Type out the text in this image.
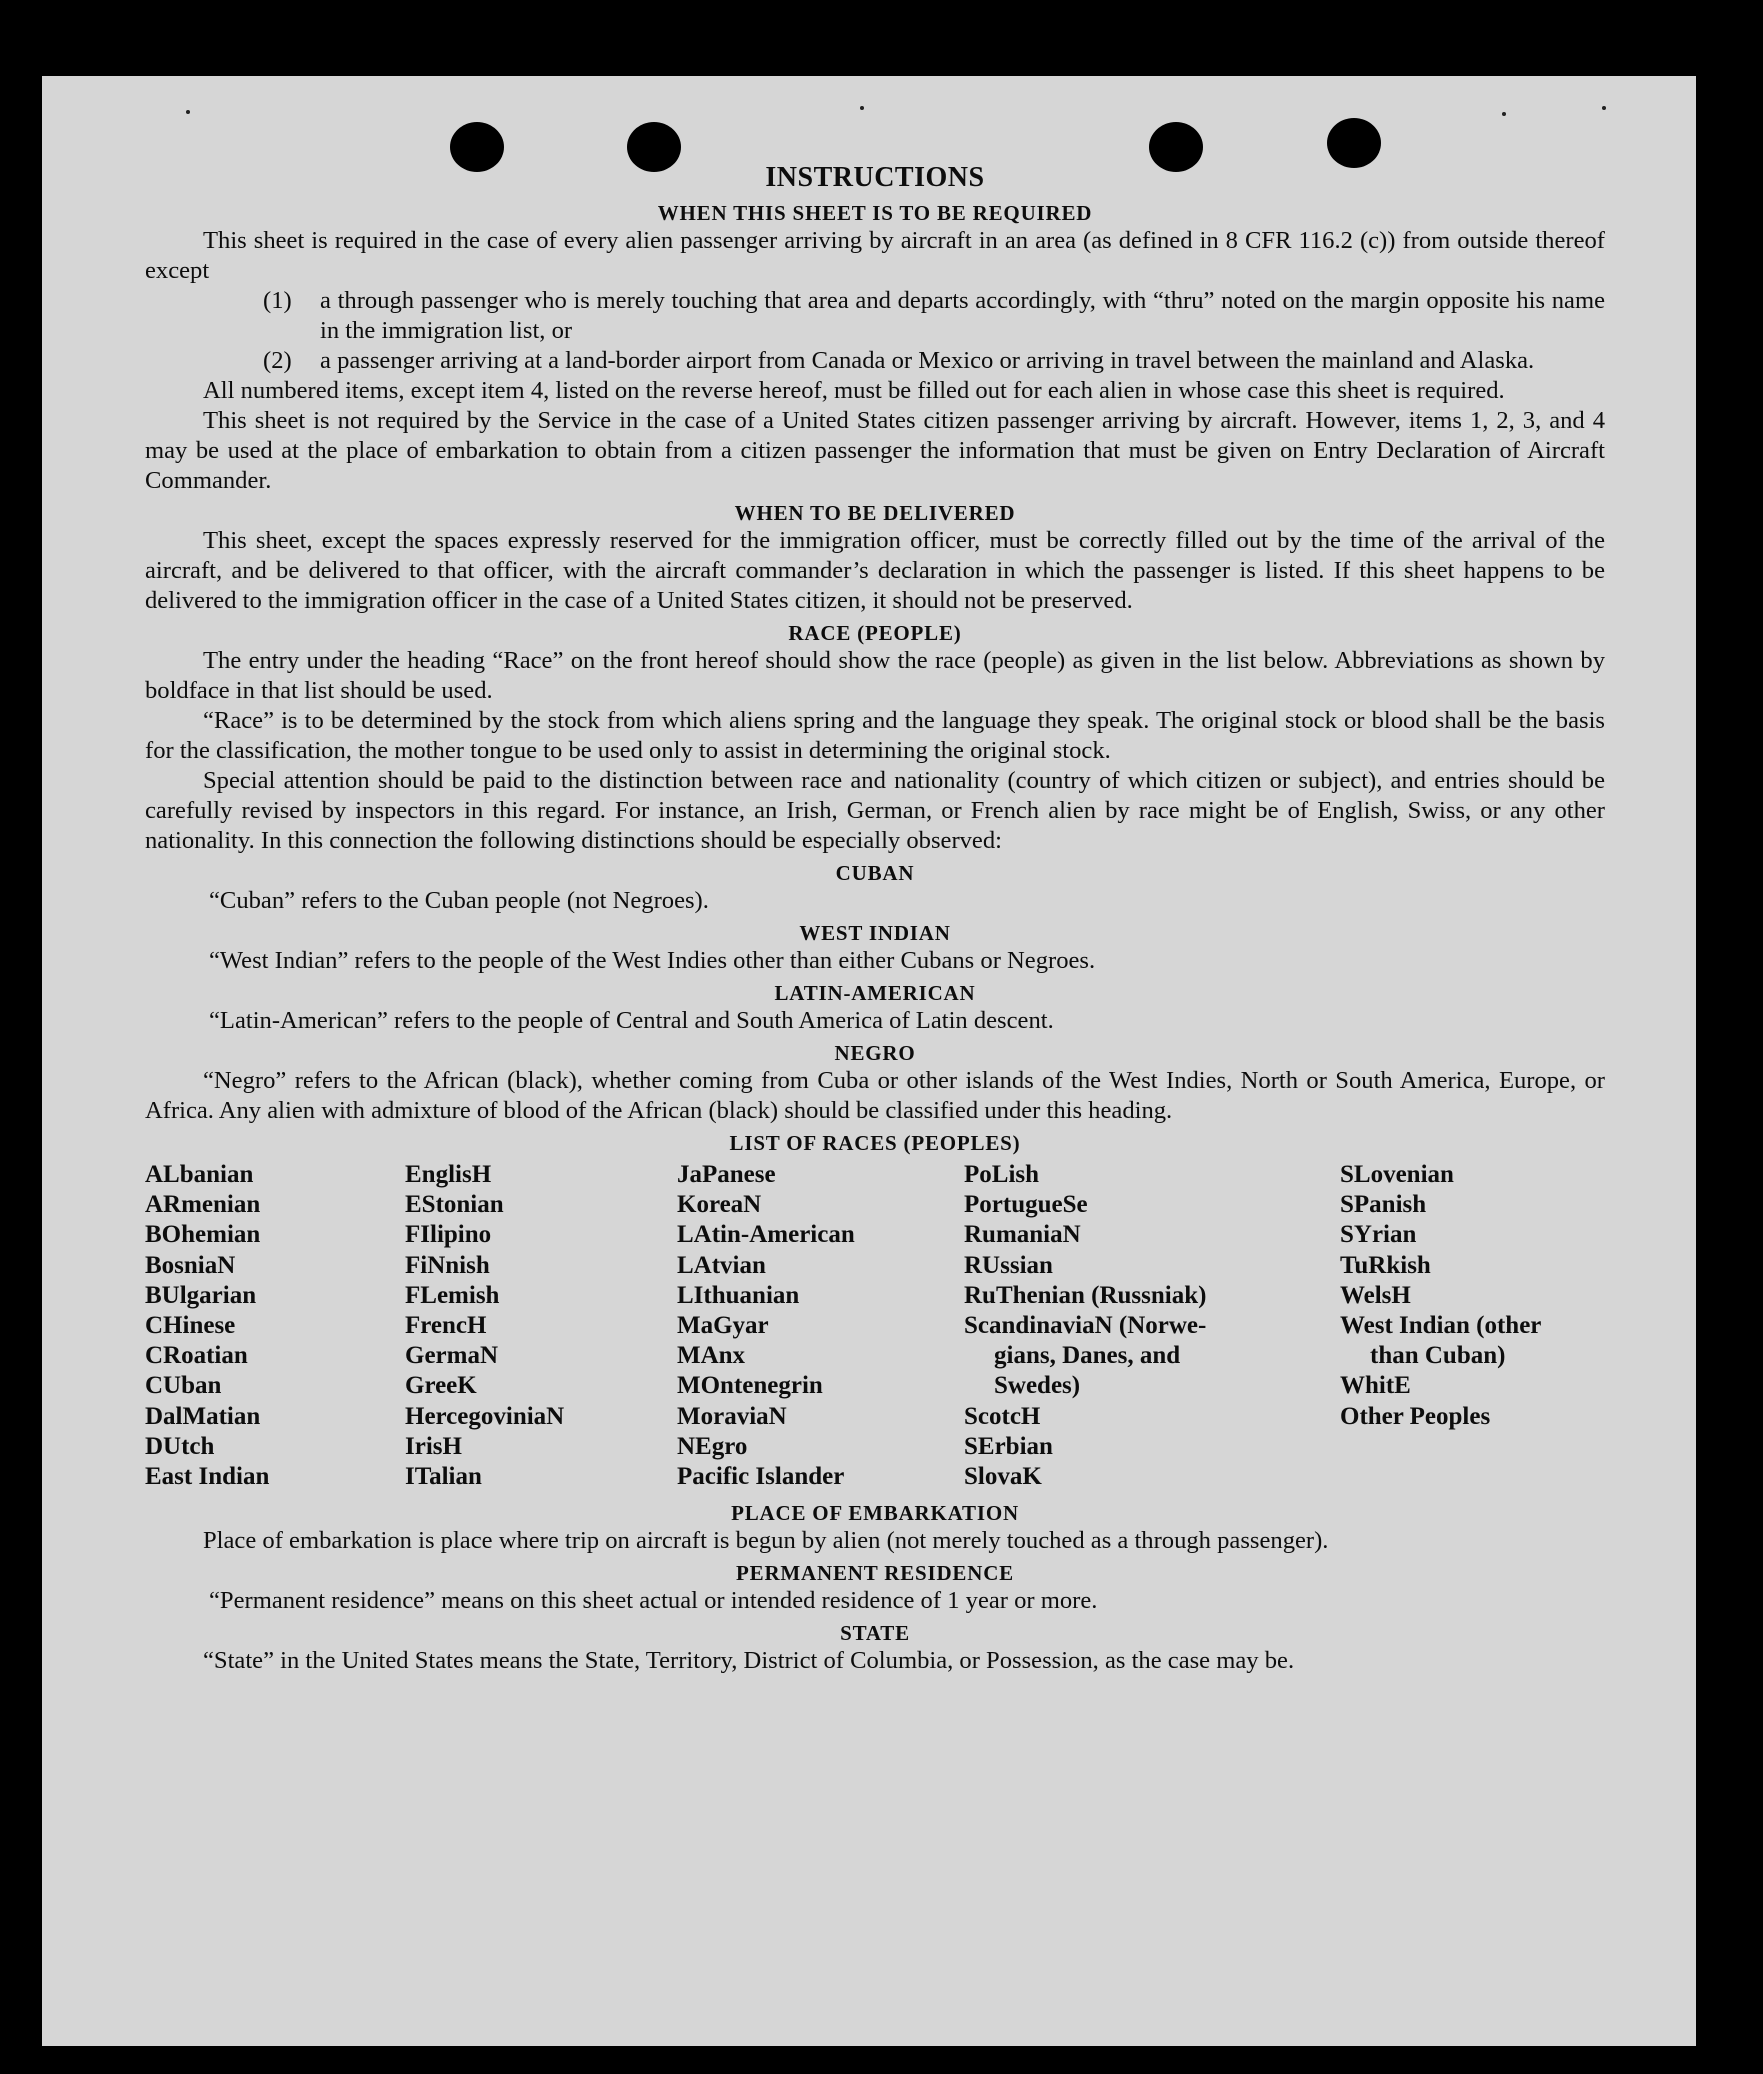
INSTRUCTIONS
WHEN THIS SHEET IS TO BE REQUIRED

This sheet is required in the case of every alien passenger arriving by aircraft in an area (as defined in 8 CFR 116.2 (c)) from outside thereof except

(1) a through passenger who is merely touching that area and departs accordingly, with “thru” noted on the margin opposite his name in the immigration list, or

(2) a passenger arriving at a land-border airport from Canada or Mexico or arriving in travel between the mainland and Alaska.

All numbered items, except item 4, listed on the reverse hereof, must be filled out for each alien in whose case this sheet is required.

This sheet is not required by the Service in the case of a United States citizen passenger arriving by aircraft. However, items 1, 2, 3, and 4 may be used at the place of embarkation to obtain from a citizen passenger the information that must be given on Entry Declaration of Aircraft Commander.

WHEN TO BE DELIVERED

This sheet, except the spaces expressly reserved for the immigration officer, must be correctly filled out by the time of the arrival of the aircraft, and be delivered to that officer, with the aircraft commander’s declaration in which the passenger is listed. If this sheet happens to be delivered to the immigration officer in the case of a United States citizen, it should not be preserved.

RACE (PEOPLE)

The entry under the heading “Race” on the front hereof should show the race (people) as given in the list below. Abbreviations as shown by boldface in that list should be used.

“Race” is to be determined by the stock from which aliens spring and the language they speak. The original stock or blood shall be the basis for the classification, the mother tongue to be used only to assist in determining the original stock.

Special attention should be paid to the distinction between race and nationality (country of which citizen or subject), and entries should be carefully revised by inspectors in this regard. For instance, an Irish, German, or French alien by race might be of English, Swiss, or any other nationality. In this connection the following distinctions should be especially observed:

CUBAN

“Cuban” refers to the Cuban people (not Negroes).

WEST INDIAN

“West Indian” refers to the people of the West Indies other than either Cubans or Negroes.

LATIN-AMERICAN

“Latin-American” refers to the people of Central and South America of Latin descent.

NEGRO

“Negro” refers to the African (black), whether coming from Cuba or other islands of the West Indies, North or South America, Europe, or Africa. Any alien with admixture of blood of the African (black) should be classified under this heading.

LIST OF RACES (PEOPLES)
ALbanian
ARmenian
BOhemian
BosniaN
BUlgarian
CHinese
CRoatian
CUban
DalMatian
DUtch
East Indian
EnglisH
EStonian
FIlipino
FiNnish
FLemish
FrencH
GermaN
GreeK
HercegoviniaN
IrisH
ITalian
JaPanese
KoreaN
LAtin-American
LAtvian
LIthuanian
MaGyar
MAnx
MOntenegrin
MoraviaN
NEgro
Pacific Islander
PoLish
PortugueSe
RumaniaN
RUssian
RuThenian (Russniak)
ScandinaviaN (Norwe-
gians, Danes, and
Swedes)
ScotcH
SErbian
SlovaK
SLovenian
SPanish
SYrian
TuRkish
WelsH
West Indian (other
than Cuban)
WhitE
Other Peoples
PLACE OF EMBARKATION

Place of embarkation is place where trip on aircraft is begun by alien (not merely touched as a through passenger).

PERMANENT RESIDENCE

“Permanent residence” means on this sheet actual or intended residence of 1 year or more.

STATE

“State” in the United States means the State, Territory, District of Columbia, or Possession, as the case may be.
